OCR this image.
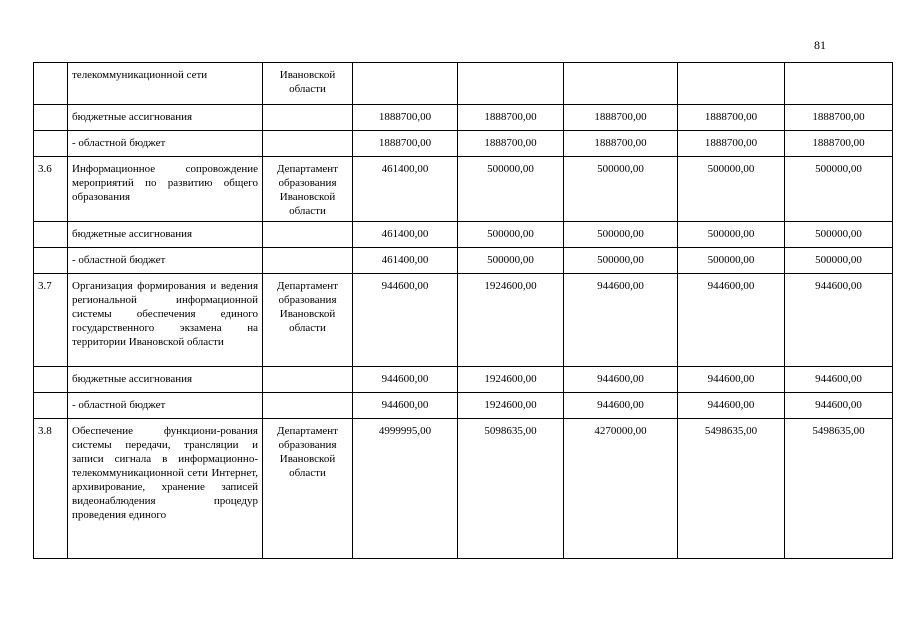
81
	телекоммуникационной сети	Ивановской области					
	бюджетные ассигнования		1888700,00	1888700,00	1888700,00	1888700,00	1888700,00
	- областной бюджет		1888700,00	1888700,00	1888700,00	1888700,00	1888700,00
3.6	Информационное сопровождение мероприятий по развитию общего образования	Департамент образования Ивановской области	461400,00	500000,00	500000,00	500000,00	500000,00
	бюджетные ассигнования		461400,00	500000,00	500000,00	500000,00	500000,00
	- областной бюджет		461400,00	500000,00	500000,00	500000,00	500000,00
3.7	Организация формирования и ведения региональной информационной системы обеспечения единого государственного экзамена на территории Ивановской области	Департамент образования Ивановской области	944600,00	1924600,00	944600,00	944600,00	944600,00
	бюджетные ассигнования		944600,00	1924600,00	944600,00	944600,00	944600,00
	- областной бюджет		944600,00	1924600,00	944600,00	944600,00	944600,00
3.8	Обеспечение функциони-рования системы передачи, трансляции и записи сигнала в информационно-телекоммуникационной сети Интернет, архивирование, хранение записей видеонаблюдения процедур проведения единого	Департамент образования Ивановской области	4999995,00	5098635,00	4270000,00	5498635,00	5498635,00
